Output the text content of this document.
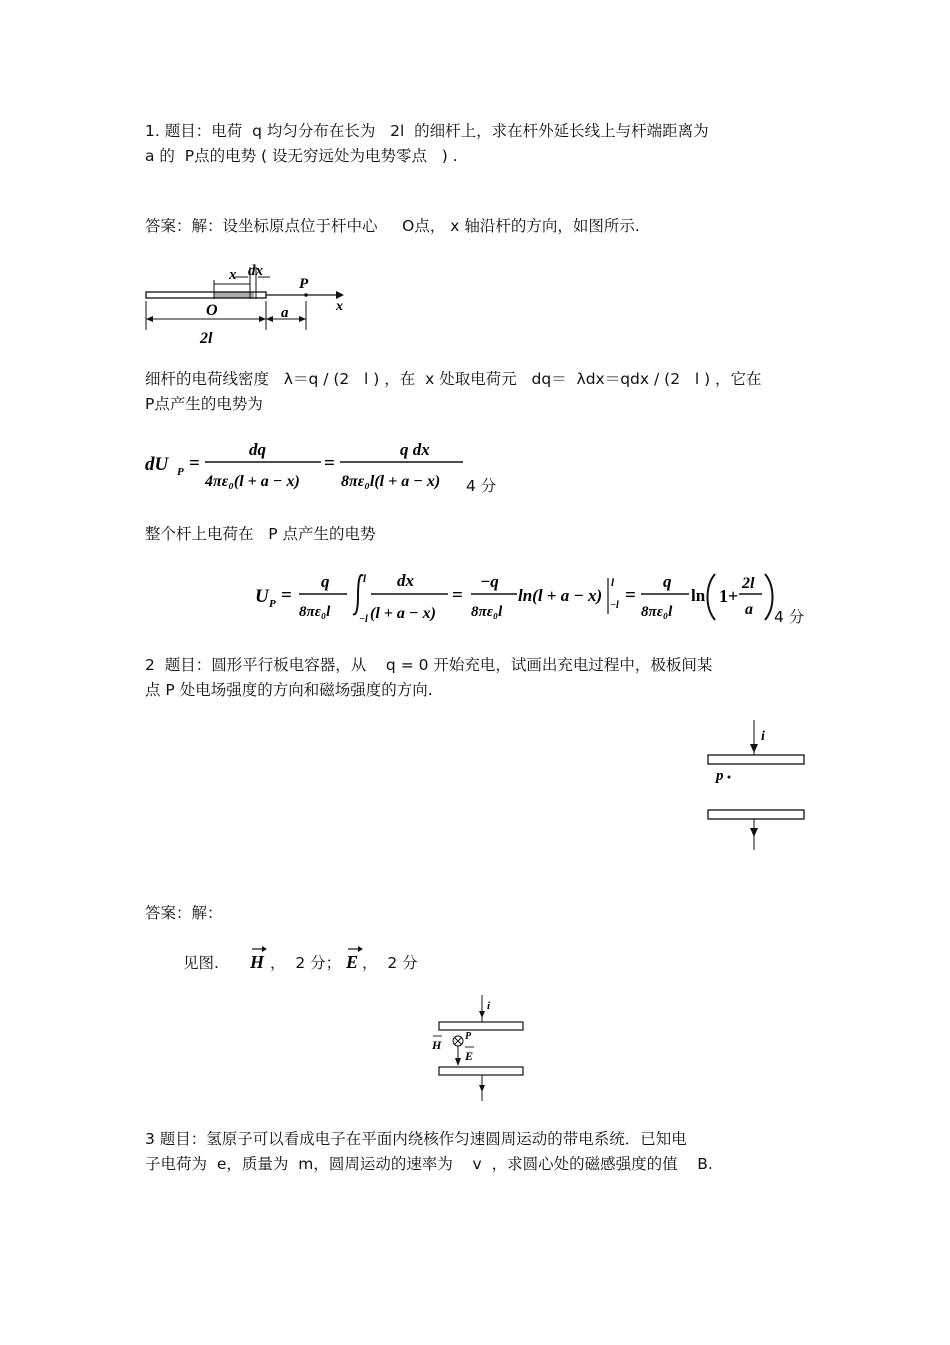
1. 题目：电荷  q 均匀分布在长为   2l  的细杆上，求在杆外延长线上与杆端距离为
a 的  P点的电势 ( 设无穷远处为电势零点   ) .
答案：解：设坐标原点位于杆中心     O点， x 轴沿杆的方向，如图所示.
x dx
P
x
O	a
2l
细杆的电荷线密度   λ＝q / (2   l ) ，在  x 处取电荷元   dq＝  λdx＝qdx / (2   l ) ，它在
P点产生的电势为
dU P =
dq
4πε₀(l + a − x)
=
q dx
8πε₀l(l + a − x) 4 分
整个杆上电荷在   P 点产生的电势
U P =
q
8πε₀l
l
−l
dx
(l + a − x)
=
−q
8πε₀l
ln(l + a − x)
l
−l =
q
8πε₀l
ln 1+
2l
a 4 分
2  题目：圆形平行板电容器，从    q = 0 开始充电，试画出充电过程中，极板间某
点 P 处电场强度的方向和磁场强度的方向.
i
p
答案：解：
见图. H ，  2 分； E ，  2 分
i
P
H
E
3 题目：氢原子可以看成电子在平面内绕核作匀速圆周运动的带电系统．已知电
子电荷为  e，质量为  m，圆周运动的速率为    v  ，求圆心处的磁感强度的值    B.
